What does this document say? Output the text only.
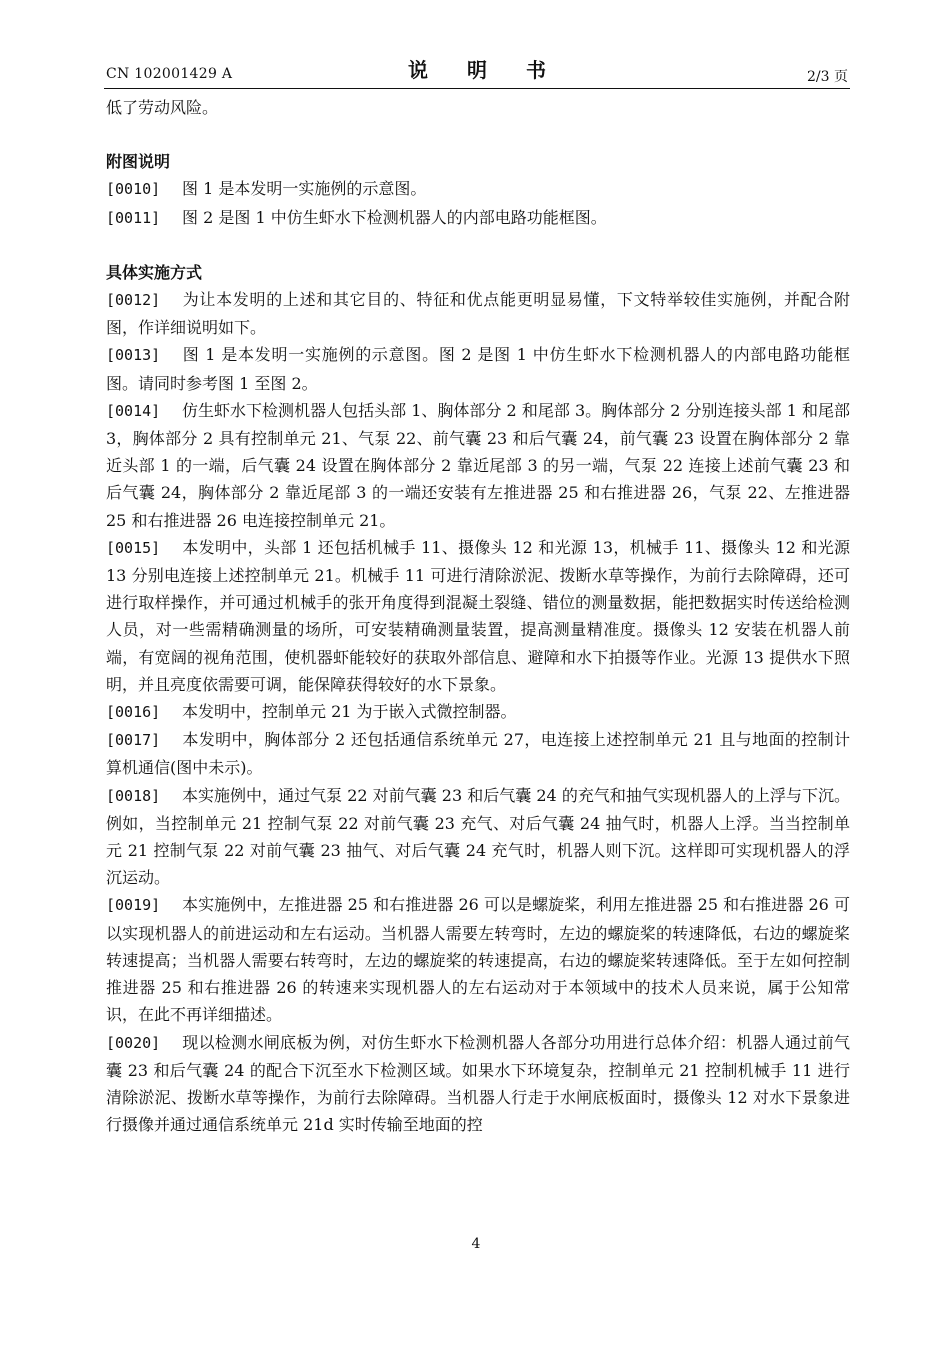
CN 102001429 A	说 明 书	2/3 页
低了劳动风险。
附图说明
[0010] 图 1 是本发明一实施例的示意图。
[0011] 图 2 是图 1 中仿生虾水下检测机器人的内部电路功能框图。
具体实施方式
[0012] 为让本发明的上述和其它目的、特征和优点能更明显易懂，下文特举较佳实施例，并配合附图，作详细说明如下。
[0013] 图 1 是本发明一实施例的示意图。图 2 是图 1 中仿生虾水下检测机器人的内部电路功能框图。请同时参考图 1 至图 2。
[0014] 仿生虾水下检测机器人包括头部 1、胸体部分 2 和尾部 3。胸体部分 2 分别连接头部 1 和尾部 3，胸体部分 2 具有控制单元 21、气泵 22、前气囊 23 和后气囊 24，前气囊 23 设置在胸体部分 2 靠近头部 1 的一端，后气囊 24 设置在胸体部分 2 靠近尾部 3 的另一端，气泵 22 连接上述前气囊 23 和后气囊 24，胸体部分 2 靠近尾部 3 的一端还安装有左推进器 25 和右推进器 26，气泵 22、左推进器 25 和右推进器 26 电连接控制单元 21。
[0015] 本发明中，头部 1 还包括机械手 11、摄像头 12 和光源 13，机械手 11、摄像头 12 和光源 13 分别电连接上述控制单元 21。机械手 11 可进行清除淤泥、拨断水草等操作，为前行去除障碍，还可进行取样操作，并可通过机械手的张开角度得到混凝土裂缝、错位的测量数据，能把数据实时传送给检测人员，对一些需精确测量的场所，可安装精确测量装置，提高测量精准度。摄像头 12 安装在机器人前端，有宽阔的视角范围，使机器虾能较好的获取外部信息、避障和水下拍摄等作业。光源 13 提供水下照明，并且亮度依需要可调，能保障获得较好的水下景象。
[0016] 本发明中，控制单元 21 为于嵌入式微控制器。
[0017] 本发明中，胸体部分 2 还包括通信系统单元 27，电连接上述控制单元 21 且与地面的控制计算机通信(图中未示)。
[0018] 本实施例中，通过气泵 22 对前气囊 23 和后气囊 24 的充气和抽气实现机器人的上浮与下沉。例如，当控制单元 21 控制气泵 22 对前气囊 23 充气、对后气囊 24 抽气时，机器人上浮。当当控制单元 21 控制气泵 22 对前气囊 23 抽气、对后气囊 24 充气时，机器人则下沉。这样即可实现机器人的浮沉运动。
[0019] 本实施例中，左推进器 25 和右推进器 26 可以是螺旋桨，利用左推进器 25 和右推进器 26 可以实现机器人的前进运动和左右运动。当机器人需要左转弯时，左边的螺旋桨的转速降低，右边的螺旋桨转速提高；当机器人需要右转弯时，左边的螺旋桨的转速提高，右边的螺旋桨转速降低。至于左如何控制推进器 25 和右推进器 26 的转速来实现机器人的左右运动对于本领域中的技术人员来说，属于公知常识，在此不再详细描述。
[0020] 现以检测水闸底板为例，对仿生虾水下检测机器人各部分功用进行总体介绍：机器人通过前气囊 23 和后气囊 24 的配合下沉至水下检测区域。如果水下环境复杂，控制单元 21 控制机械手 11 进行清除淤泥、拨断水草等操作，为前行去除障碍。当机器人行走于水闸底板面时，摄像头 12 对水下景象进行摄像并通过通信系统单元 21d 实时传输至地面的控
4
